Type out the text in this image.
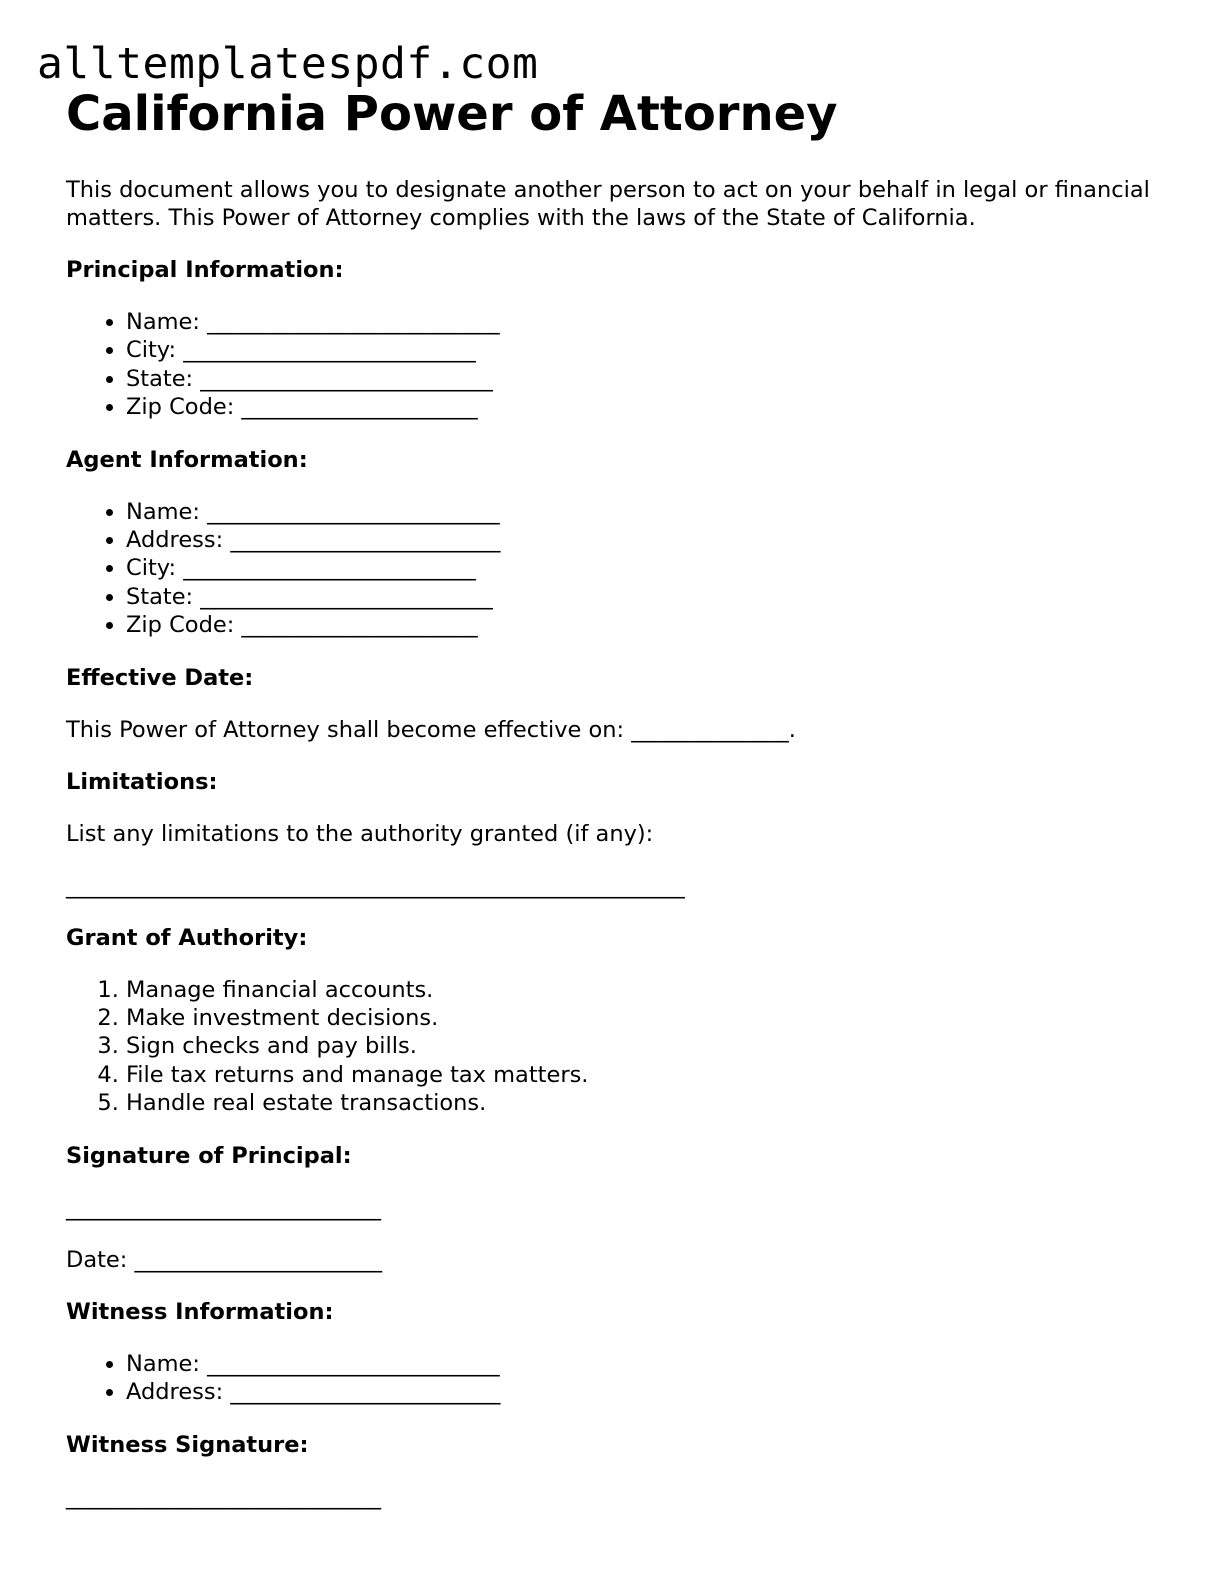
alltemplatespdf.com
California Power of Attorney

This document allows you to designate another person to act on your behalf in legal or financial matters. This Power of Attorney complies with the laws of the State of California.

Principal Information:

• Name: __________________________
• City: __________________________
• State: __________________________
• Zip Code: _____________________

Agent Information:

• Name: __________________________
• Address: ________________________
• City: __________________________
• State: __________________________
• Zip Code: _____________________

Effective Date:

This Power of Attorney shall become effective on: ______________.

Limitations:

List any limitations to the authority granted (if any):

_______________________________________________________

Grant of Authority:

1. Manage financial accounts.
2. Make investment decisions.
3. Sign checks and pay bills.
4. File tax returns and manage tax matters.
5. Handle real estate transactions.

Signature of Principal:

____________________________

Date: ______________________

Witness Information:

• Name: __________________________
• Address: ________________________

Witness Signature:

____________________________
